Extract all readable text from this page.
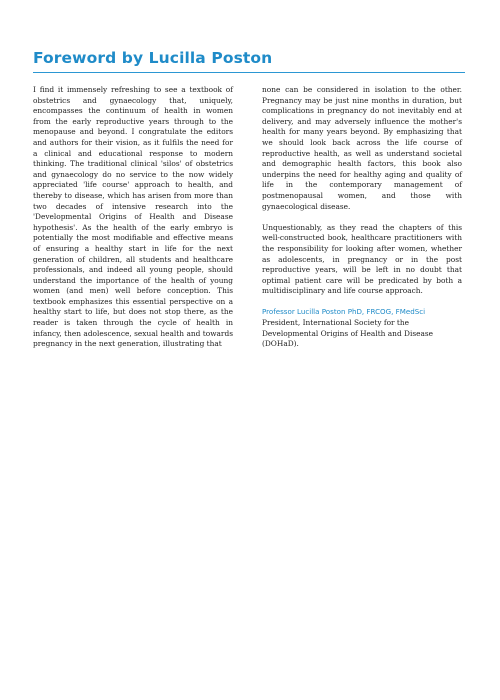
Foreword by Lucilla Poston

I find it immensely refreshing to see a textbook of obstetrics and gynaecology that, uniquely, encompasses the continuum of health in women from the early reproductive years through to the menopause and beyond. I congratulate the editors and authors for their vision, as it fulfils the need for a clinical and educational response to modern thinking. The traditional clinical 'silos' of obstetrics and gynaecology do no service to the now widely appreciated 'life course' approach to health, and thereby to disease, which has arisen from more than two decades of intensive research into the 'Developmental Origins of Health and Disease hypothesis'. As the health of the early embryo is potentially the most modifiable and effective means of ensuring a healthy start in life for the next generation of children, all students and healthcare professionals, and indeed all young people, should understand the importance of the health of young women (and men) well before conception. This textbook emphasizes this essential perspective on a healthy start to life, but does not stop there, as the reader is taken through the cycle of health in infancy, then adolescence, sexual health and towards pregnancy in the next generation, illustrating that

none can be considered in isolation to the other. Pregnancy may be just nine months in duration, but complications in pregnancy do not inevitably end at delivery, and may adversely influence the mother's health for many years beyond. By emphasizing that we should look back across the life course of reproductive health, as well as understand societal and demographic health factors, this book also underpins the need for healthy aging and quality of life in the contemporary management of postmenopausal women, and those with gynaecological disease.

Unquestionably, as they read the chapters of this well-constructed book, healthcare practitioners with the responsibility for looking after women, whether as adolescents, in pregnancy or in the post reproductive years, will be left in no doubt that optimal patient care will be predicated by both a multidisciplinary and life course approach.

Professor Lucilla Poston PhD, FRCOG, FMedSci
President, International Society for the Developmental Origins of Health and Disease (DOHaD).
